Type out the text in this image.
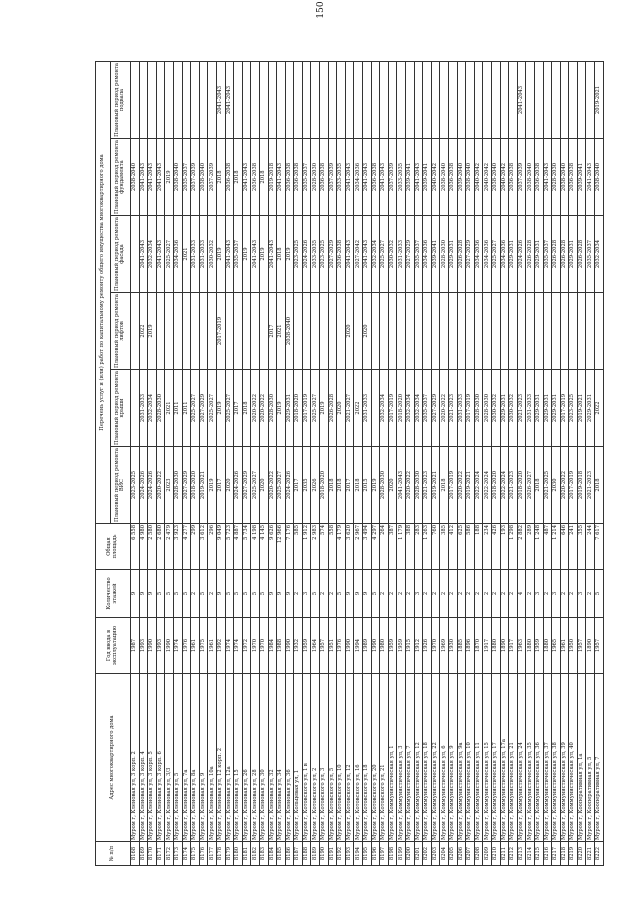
150
№ п/п	Адрес многоквартирного дома	Год ввода в эксплуатацию	Количество этажей	Общая площадь	Перечень услуг и (или) работ по капитальному ремонту общего имущества многоквартирного дома					
					Плановый период ремонта ВИС	Плановый период ремонта крыши	Плановый период ремонта лифтов	Плановый период ремонта фасада	Плановый период ремонта фундамента	Плановый период ремонта подвала
8168	Муром г, Кленовая ул, 3 корп. 2	1987	9	6 558	2023-2025				2038-2040	
8169	Муром г, Кленовая ул, 3 корп. 4	1993	9	4 980	2024-2026	2031-2033	2022	2041-2043	2041-2043	
8170	Муром г, Кленовая ул, 3 корп. 5	1990	9	2 580	2024-2026	2032-2034	2019	2032-2034	2041-2043	
8171	Муром г, Кленовая ул, 3 корп. 6	1993	5	2 680	2020-2022	2028-2030		2041-2043	2041-2043	
8172	Муром г, Кленовая ул, 3/3	1990	5	2 479	2023	2021		2025-2027	2019	
8173	Муром г, Кленовая ул, 5	1974	5	3 923	2028-2030	2011		2034-2036	2038-2040	
8174	Муром г, Кленовая ул, 7а	1976	5	4 277	2027-2029	2011		2021	2035-2037	
8175	Муром г, Кленовая ул, 8а	1961	2	299	2018-2020	2025-2027		2031-2033	2037-2039	
8176	Муром г, Кленовая ул, 9	1975	5	3 612	2019-2021	2027-2029		2031-2033	2038-2040	
8177	Муром г, Кленовая ул, 10а	1961	2	296	2019	2025-2027		2030-2032	2037-2039	
8178	Муром г, Кленовая ул, 12 корп. 2	1992	9	9 049	2017	2019	2017-2019	2019	2018	2041-2043
8179	Муром г, Кленовая ул, 12а	1974	5	5 723	2020	2025-2027		2041-2043	2036-2038	2041-2043
8180	Муром г, Кленовая ул, 15	1974	5	4 887	2024-2026	2017		2035-2037	2018	
8181	Муром г, Кленовая ул, 26	1972	5	5 734	2027-2029	2018		2019	2041-2043	
8182	Муром г, Кленовая ул, 28	1970	5	4 198	2025-2027	2020-2022		2041-2043	2036-2038	
8183	Муром г, Кленовая ул, 30	1970	5	4 145	2020	2020-2022		2019	2018	
8184	Муром г, Кленовая ул, 32	1984	9	9 626	2020-2022	2028-2030	2017	2041-2043	2019-2018	
8185	Муром г, Кленовая ул, 34	1988	9	12 966	2025-2027	2019	2021	2018	2041-2043	
8186	Муром г, Кленовая ул, 36	1990	9	7 176	2024-2026	2029-2031	2038-2040	2019	2036-2038	
8187	Муром г, Кольцевая ул, 1	1932	2	585	2017	2018-2020		2023-2025	2036-2038	
8188	Муром г, Котовского ул, 1 в	1959	3	1 912	2035	2017-2019		2024-2026	2035-2037	
8189	Муром г, Котовского ул, 2	1964	5	2 983	2026	2025-2027		2033-2035	2028-2030	
8190	Муром г, Котовского ул, 3	1957	2	574	2018-2020	2019		2023-2025	2036-2038	
8191	Муром г, Котовского ул, 5	1951	2	558	2018	2026-2028		2027-2029	2037-2039	
8192	Муром г, Котовского ул, 10	1976	5	4 179	2018	2020		2036-2038	2033-2035	
8193	Муром г, Котовского ул, 12	1990	9	3 620	2017	2021-2027	2020	2041-2043	2041-2043	
8194	Муром г, Котовского ул, 16	1994	9	2 967	2018	2022		2027-2042	2034-2036	
8195	Муром г, Котовского ул, 18	1989	9	3 494	2015	2031-2033	2020	2041-2043	2041-2043	
8196	Муром г, Котовского ул, 20	1990	5	4 297	2019			2032-2034	2036-2038	
8197	Муром г, Котовского ул, 21	1980	2	264	2028-2030	2032-2034		2025-2027	2041-2043	
8198	Муром г, Коммунистическая ул, 1	1959	2	387	2020	2017-2019		2030-2032	2037-2039	
8199	Муром г, Коммунистическая ул, 3	1959	2	1 179	2041-2043	2018-2020		2031-2033	2033-2035	
8200	Муром г, Коммунистическая ул, 7	1915	2	388	2020-2022	2032-2034		2027-2029	2039-2041	
8201	Муром г, Коммунистическая ул, 12	1912	3	283	2028-2030	2032-2034		2035-2037	2041-2043	
8202	Муром г, Коммунистическая ул, 18	1926	2	1 263	2021-2023	2035-2037		2034-2036	2039-2041	
8203	Муром г, Коммунистическая ул, 22	1970	2	760	2019-2021	2027-2029		2039-2041	2040-2042	
8204	Муром г, Коммунистическая ул, 6	1969	2	385	2018	2020-2022		2028-2030	2038-2040	
8205	Муром г, Коммунистическая ул, 9	1930	2	412	2017-2019	2021-2023		2029-2031	2036-2038	
8206	Муром г, Коммунистическая ул, 9а	1885	2	625	2020-2022	2031-2033		2026-2028	2039-2040	
8207	Муром г, Коммунистическая ул, 10	1896	2	586	2019-2021	2017-2019		2027-2029	2038-2040	
8208	Муром г, Коммунистическая ул, 11	1870	2	188	2022-2024	2028-2030		2034-2036	2040-2042	
8209	Муром г, Коммунистическая ул, 15	1917	2	234	2022-2024	2028-2030		2034-2036	2040-2042	
8210	Муром г, Коммунистическая ул, 17	1880	2	426	2018-2020	2030-2032		2025-2027	2038-2040	
8211	Муром г, Коммунистическая ул, 17а	1890	2	193	2022-2024	2029-2031		2034-2036	2040-2042	
8212	Муром г, Коммунистическая ул, 21	1917	2	1 298	2021-2023	2030-2032		2029-2031	2036-2038	
8213	Муром г, Коммунистическая ул, 24	1963	4	2 882	2018-2020	2021-2023		2024-2026	2037-2039	2041-2043
8214	Муром г, Коммунистическая ул, 35	1880	2	289	2026-2027	2031-2033		2026-2028	2038-2040	
8215	Муром г, Коммунистическая ул, 36	1959	3	1 248	2018	2029-2031		2029-2031	2036-2038	
8216	Муром г, Коммунистическая ул, 37	1880	2	487	2021-2025	2029-2031		2035-2037	2041-2043	
8217	Муром г, Коммунистическая ул, 38	1965	3	1 214	2030	2029-2031		2026-2028	2028-2030	
8218	Муром г, Коммунистическая ул, 39	1961	2	646	2020-2022	2017-2019		2026-2028	2038-2040	
8219	Муром г, Коммунистическая ул, 40	1950	2	241	2017-2019	2023-2025		2029-2031	2036-2038	
8220	Муром г, Кооперативная ул, 1а	1957	3	355	2019-2018	2019-2021		2026-2028	2039-2041	
8221	Муром г, Кооперативная ул, 5	1890	2	244	2021-2023	2029-2031		2035-2037	2041-2043	
8222	Муром г, Кооперативная ул, 7	1957	5	7 617	2018	2022		2032-2034	2038-2040	2019-2021
